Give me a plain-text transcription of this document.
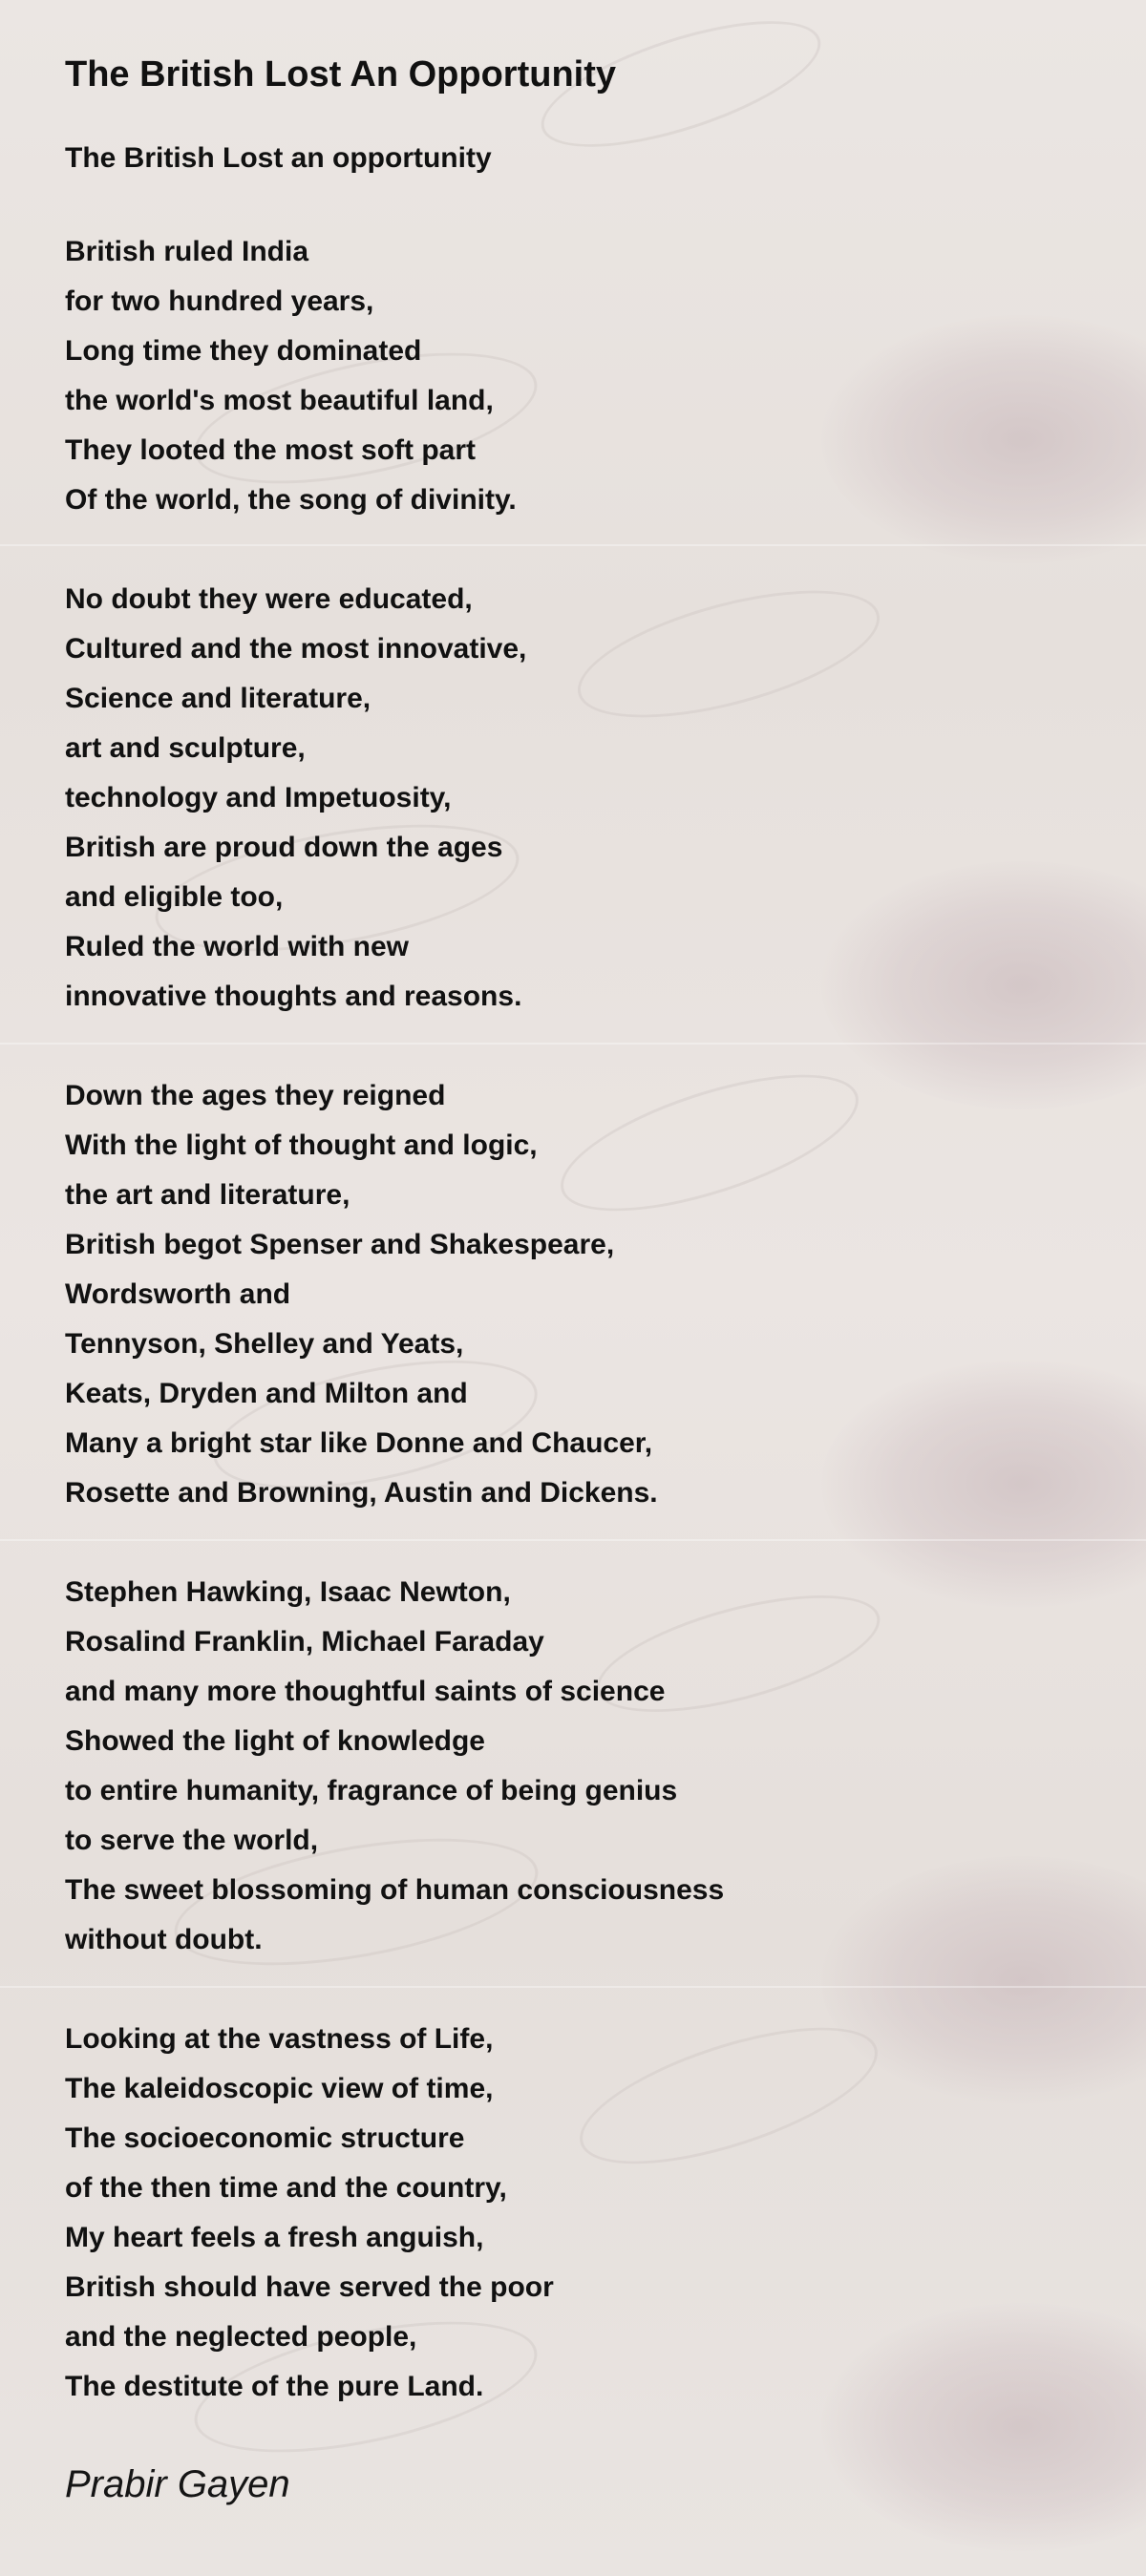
The British Lost An Opportunity
The British Lost an opportunity
British ruled India
for two hundred years,
Long time they dominated
the world's most beautiful land,
They looted the most soft part
Of the world, the song of divinity.
No doubt they were educated,
Cultured and the most innovative,
Science and literature,
art and sculpture,
technology and Impetuosity,
British are proud down the ages
and eligible too,
Ruled the world with new
innovative thoughts and reasons.
Down the ages they reigned
With the light of thought and logic,
the art and literature,
British begot Spenser and Shakespeare,
Wordsworth and
Tennyson, Shelley and Yeats,
Keats, Dryden and Milton and
Many a bright star like Donne and Chaucer,
Rosette and Browning, Austin and Dickens.
Stephen Hawking, Isaac Newton,
Rosalind Franklin, Michael Faraday
and many more thoughtful saints of science
Showed the light of knowledge
to entire humanity, fragrance of being genius
to serve the world,
The sweet blossoming of human consciousness
without doubt.
Looking at the vastness of Life,
The kaleidoscopic view of time,
The socioeconomic structure
of the then time and the country,
My heart feels a fresh anguish,
British should have served the poor
and the neglected people,
The destitute of the pure Land.
Prabir Gayen
